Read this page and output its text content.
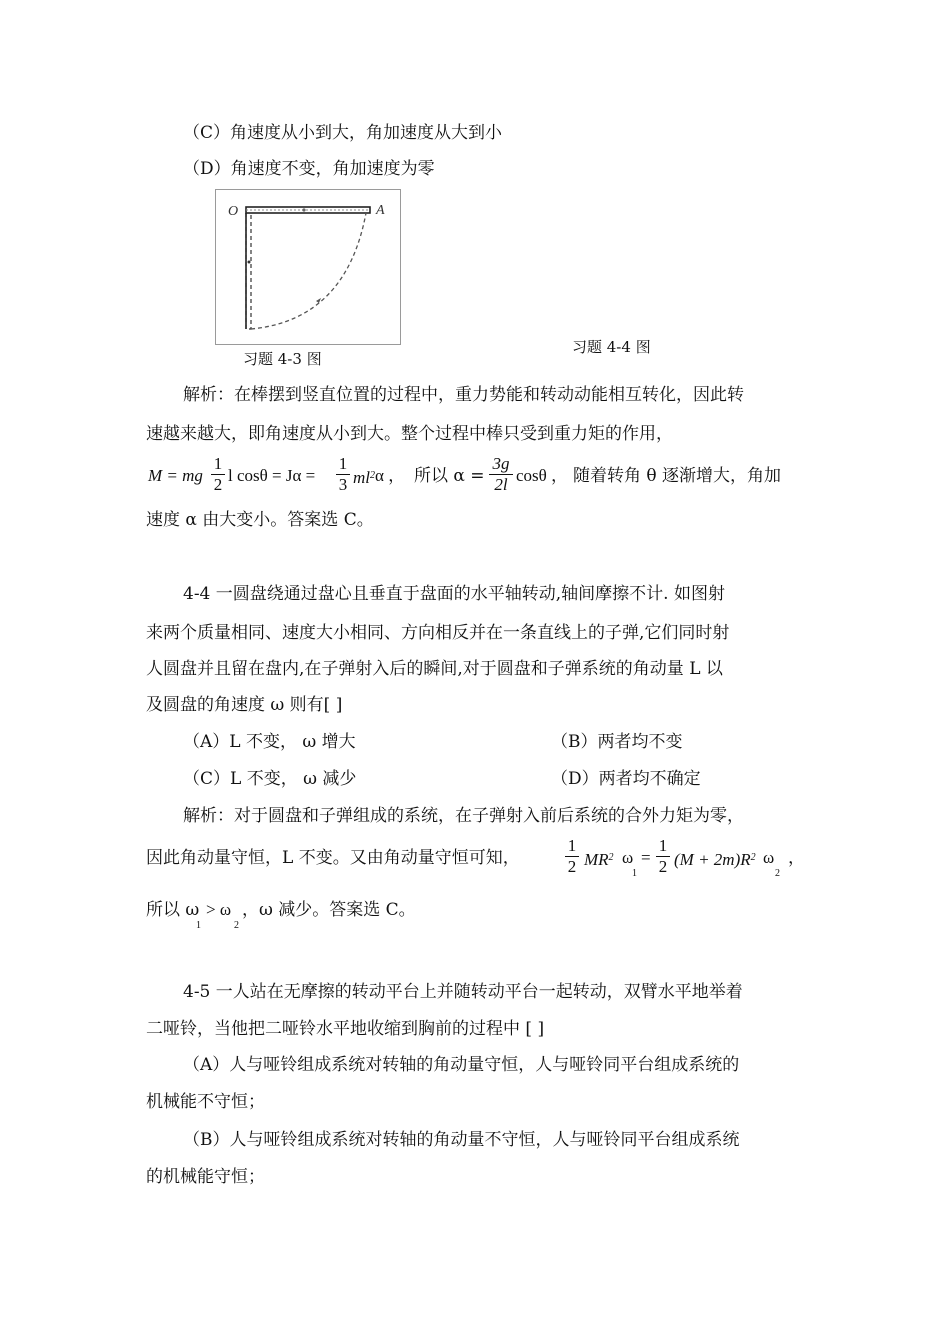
（C）角速度从小到大，角加速度从大到小
（D）角速度不变，角加速度为零
O	A
习题 4-3 图
习题 4-4 图
解析：在棒摆到竖直位置的过程中，重力势能和转动动能相互转化，因此转
速越来越大，即角速度从小到大。整个过程中棒只受到重力矩的作用，
M = mg
1
2 l cosθ = Jα =
1
3 $ml^2$ α ， 所以 α =
3g
2l cosθ ， 随着转角 θ 逐渐增大，角加
速度 α 由大变小。答案选 C。
4-4 一圆盘绕通过盘心且垂直于盘面的水平轴转动,轴间摩擦不计. 如图射
来两个质量相同、速度大小相同、方向相反并在一条直线上的子弹,它们同时射
人圆盘并且留在盘内,在子弹射入后的瞬间,对于圆盘和子弹系统的角动量 L 以
及圆盘的角速度 ω 则有[ ]
（A）L 不变， ω 增大	（B）两者均不变
（C）L 不变， ω 减少	（D）两者均不确定
解析：对于圆盘和子弹组成的系统，在子弹射入前后系统的合外力矩为零，
因此角动量守恒，L 不变。又由角动量守恒可知，
1
2 $MR^2$ ω
1
=
1
2 $(M + 2m)R^2$ ω
2
，
所以 ω
1
> ω
2
，ω 减少。答案选 C。
4-5 一人站在无摩擦的转动平台上并随转动平台一起转动，双臂水平地举着
二哑铃，当他把二哑铃水平地收缩到胸前的过程中 [ ]
（A）人与哑铃组成系统对转轴的角动量守恒，人与哑铃同平台组成系统的
机械能不守恒；
（B）人与哑铃组成系统对转轴的角动量不守恒，人与哑铃同平台组成系统
的机械能守恒；
